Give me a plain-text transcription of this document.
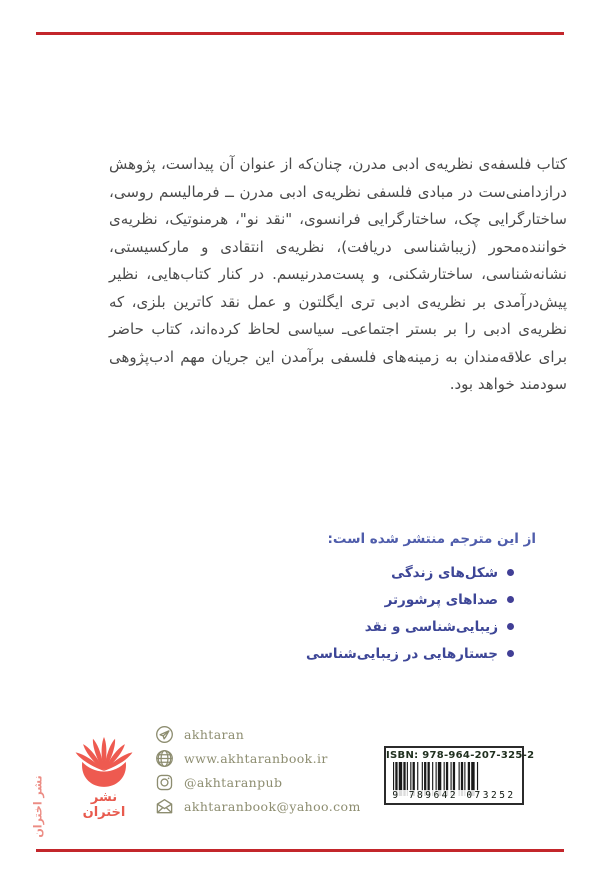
کتاب فلسفه‌ی نظریه‌ی ادبی مدرن، چنان‌که از عنوان آن پیداست، پژوهش درازدامنی‌ست در مبادی فلسفی نظریه‌ی ادبی مدرن ــ فرمالیسم روسی، ساختارگرایی چک، ساختارگرایی فرانسوی، "نقد نو"، هرمنوتیک، نظریه‌ی خواننده‌محور (زیباشناسی دریافت)، نظریه‌ی انتقادی و مارکسیستی، نشانه‌شناسی، ساختارشکنی، و پست‌مدرنیسم. در کنار کتاب‌هایی، نظیر پیش‌درآمدی بر نظریه‌ی ادبی تری ایگلتون و عمل نقد کاترین بلزی، که نظریه‌ی ادبی را بر بستر اجتماعی‌ـ سیاسی لحاظ کرده‌اند، کتاب حاضر برای علاقه‌مندان به زمینه‌های فلسفی برآمدن این جریان مهم ادب‌پژوهی سودمند خواهد بود.

از این مترجم منتشر شده است:
شکل‌های زندگی
صداهای پرشورتر
زیبایی‌شناسی و نقد
جستارهایی در زیبایی‌شناسی
نشر اختران
نشر اختران
akhtaran
www.akhtaranbook.ir
@akhtaranpub
akhtaranbook@yahoo.com
ISBN: 978-964-207-325-2
9 789642 073252
